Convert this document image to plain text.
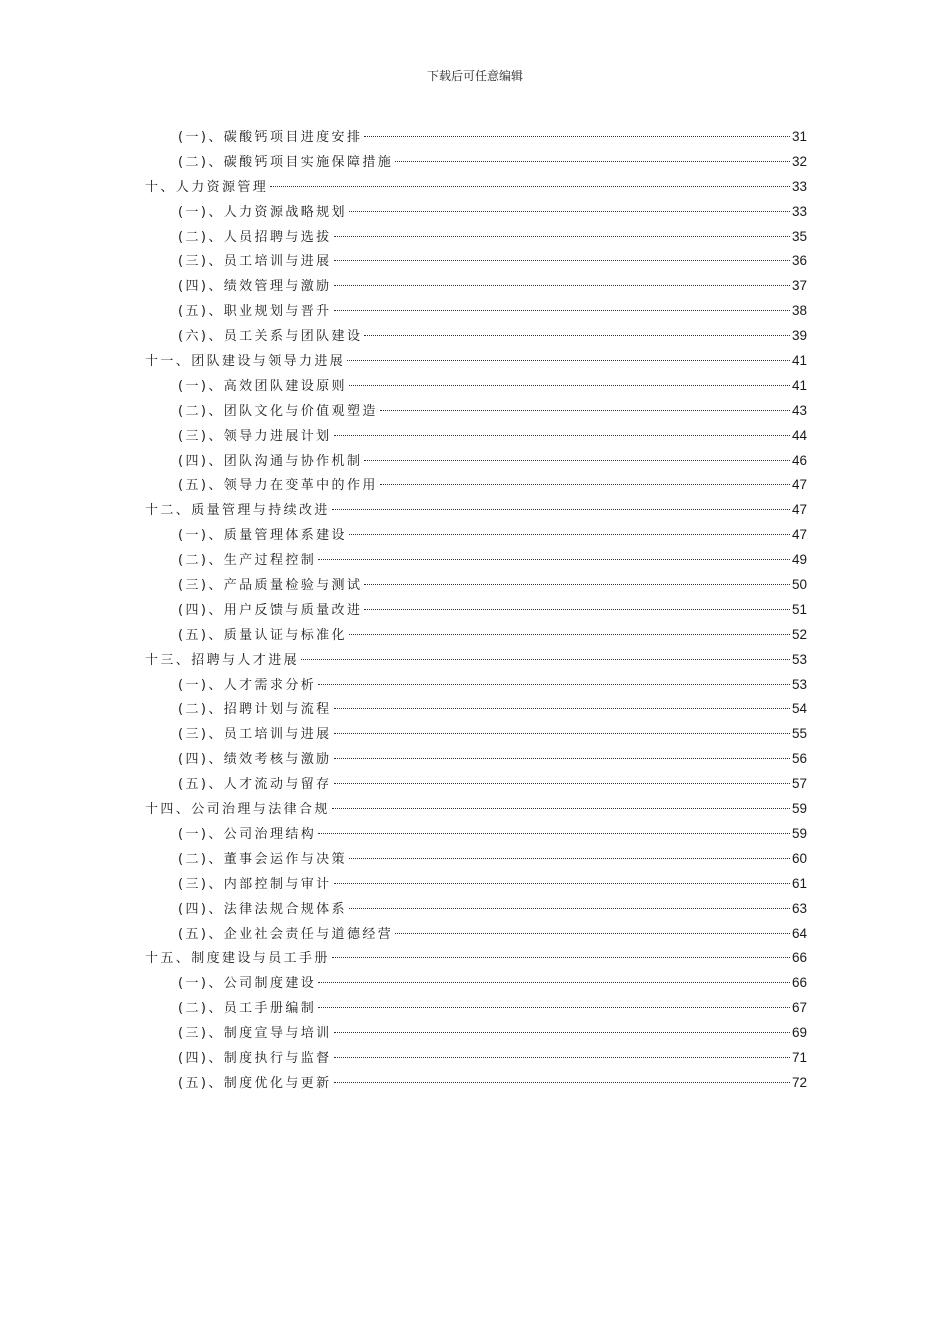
下载后可任意编辑
(一)、碳酸钙项目进度安排	31
(二)、碳酸钙项目实施保障措施	32
十、人力资源管理	33
(一)、人力资源战略规划	33
(二)、人员招聘与选拔	35
(三)、员工培训与进展	36
(四)、绩效管理与激励	37
(五)、职业规划与晋升	38
(六)、员工关系与团队建设	39
十一、团队建设与领导力进展	41
(一)、高效团队建设原则	41
(二)、团队文化与价值观塑造	43
(三)、领导力进展计划	44
(四)、团队沟通与协作机制	46
(五)、领导力在变革中的作用	47
十二、质量管理与持续改进	47
(一)、质量管理体系建设	47
(二)、生产过程控制	49
(三)、产品质量检验与测试	50
(四)、用户反馈与质量改进	51
(五)、质量认证与标准化	52
十三、招聘与人才进展	53
(一)、人才需求分析	53
(二)、招聘计划与流程	54
(三)、员工培训与进展	55
(四)、绩效考核与激励	56
(五)、人才流动与留存	57
十四、公司治理与法律合规	59
(一)、公司治理结构	59
(二)、董事会运作与决策	60
(三)、内部控制与审计	61
(四)、法律法规合规体系	63
(五)、企业社会责任与道德经营	64
十五、制度建设与员工手册	66
(一)、公司制度建设	66
(二)、员工手册编制	67
(三)、制度宣导与培训	69
(四)、制度执行与监督	71
(五)、制度优化与更新	72
